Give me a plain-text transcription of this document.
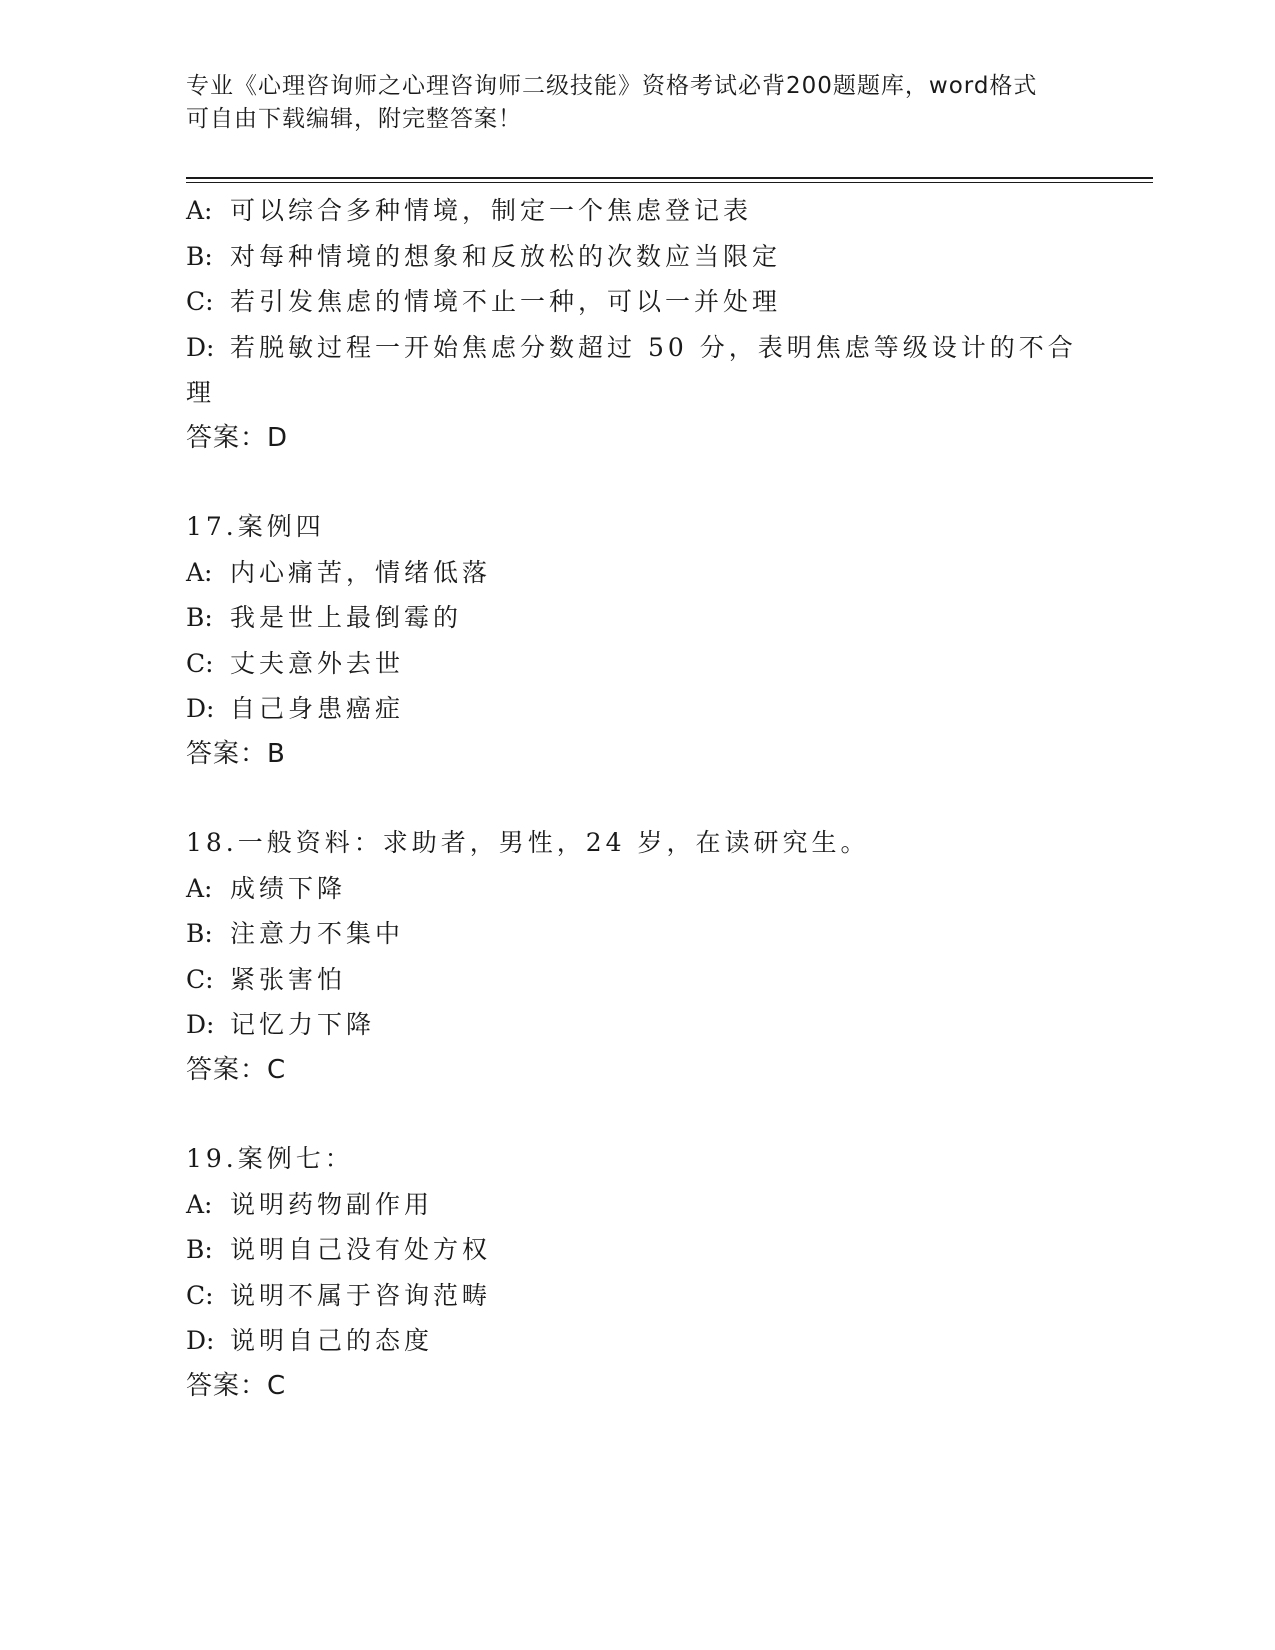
专业《心理咨询师之心理咨询师二级技能》资格考试必背200题题库，word格式
可自由下载编辑，附完整答案！
A: 可以综合多种情境，制定一个焦虑登记表
B: 对每种情境的想象和反放松的次数应当限定
C: 若引发焦虑的情境不止一种，可以一并处理
D: 若脱敏过程一开始焦虑分数超过 50 分，表明焦虑等级设计的不合
理
答案：D
17.案例四
A: 内心痛苦，情绪低落
B: 我是世上最倒霉的
C: 丈夫意外去世
D: 自己身患癌症
答案：B
18.一般资料：求助者，男性，24 岁，在读研究生。
A: 成绩下降
B: 注意力不集中
C: 紧张害怕
D: 记忆力下降
答案：C
19.案例七：
A: 说明药物副作用
B: 说明自己没有处方权
C: 说明不属于咨询范畴
D: 说明自己的态度
答案：C
